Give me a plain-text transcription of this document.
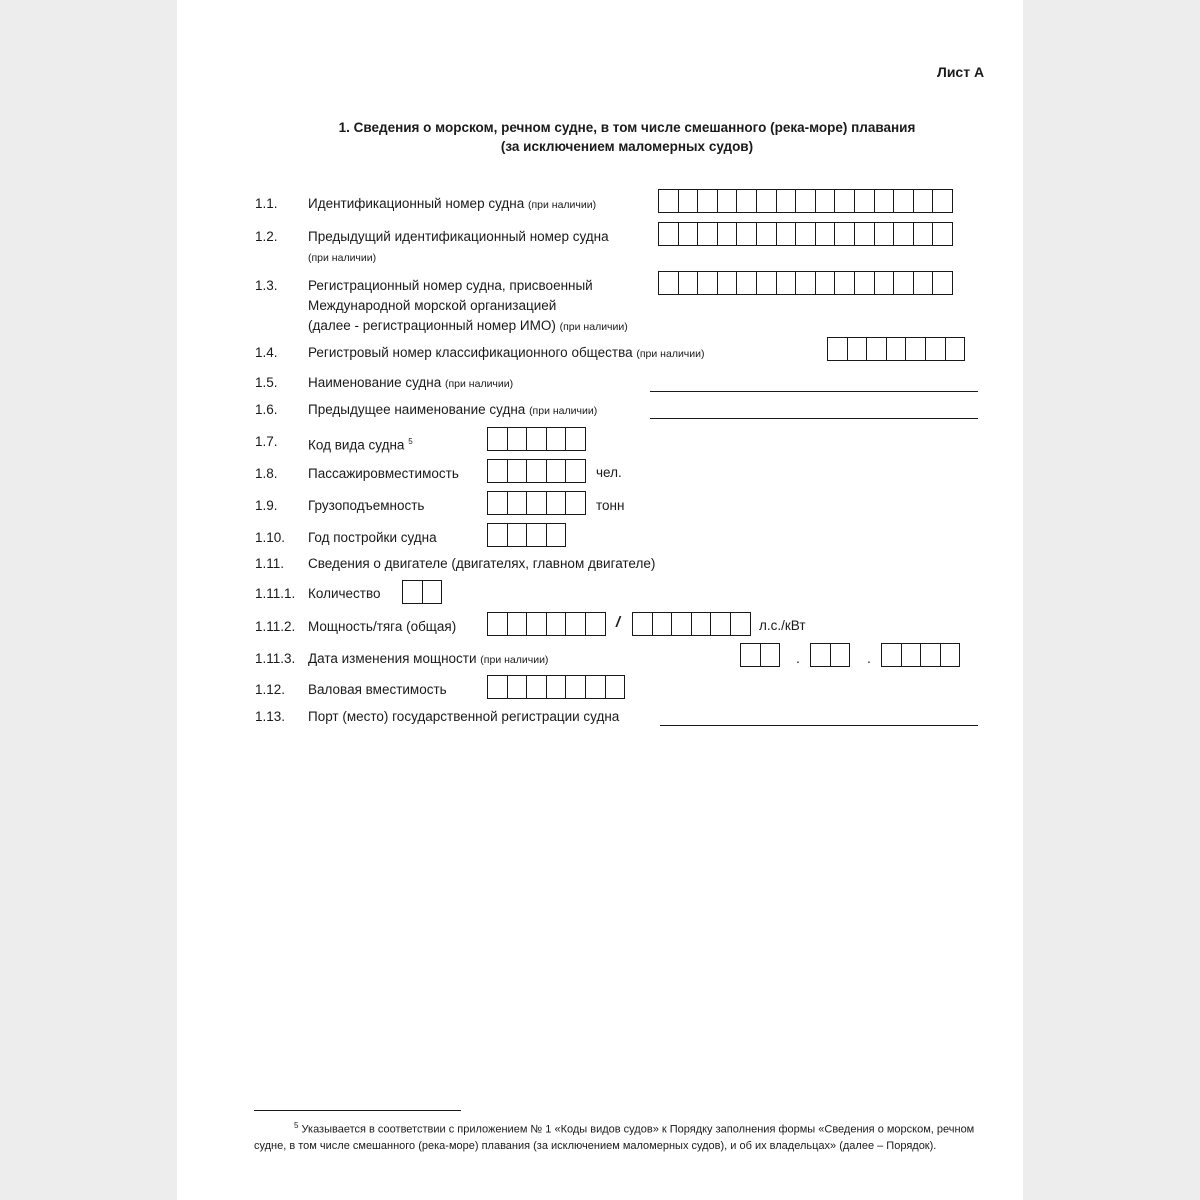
Лист А
1. Сведения о морском, речном судне, в том числе смешанного (река-море) плавания
(за исключением маломерных судов)
1.1. Идентификационный номер судна (при наличии)
1.2. Предыдущий идентификационный номер судна
(при наличии)
1.3. Регистрационный номер судна, присвоенный
Международной морской организацией
(далее - регистрационный номер ИМО) (при наличии)
1.4. Регистровый номер классификационного общества (при наличии)
1.5. Наименование судна (при наличии)
1.6. Предыдущее наименование судна (при наличии)
1.7. Код вида судна $^5$
1.8. Пассажировместимость	чел.
1.9. Грузоподъемность	тонн
1.10. Год постройки судна
1.11. Сведения о двигателе (двигателях, главном двигателе)
1.11.1. Количество
1.11.2. Мощность/тяга (общая)	/	л.с./кВт
1.11.3. Дата изменения мощности (при наличии)	.	.
1.12. Валовая вместимость
1.13. Порт (место) государственной регистрации судна
$^5$ Указывается в соответствии с приложением № 1 «Коды видов судов» к Порядку заполнения формы «Сведения о морском, речном судне, в том числе смешанного (река-море) плавания (за исключением маломерных судов), и об их владельцах» (далее – Порядок).
